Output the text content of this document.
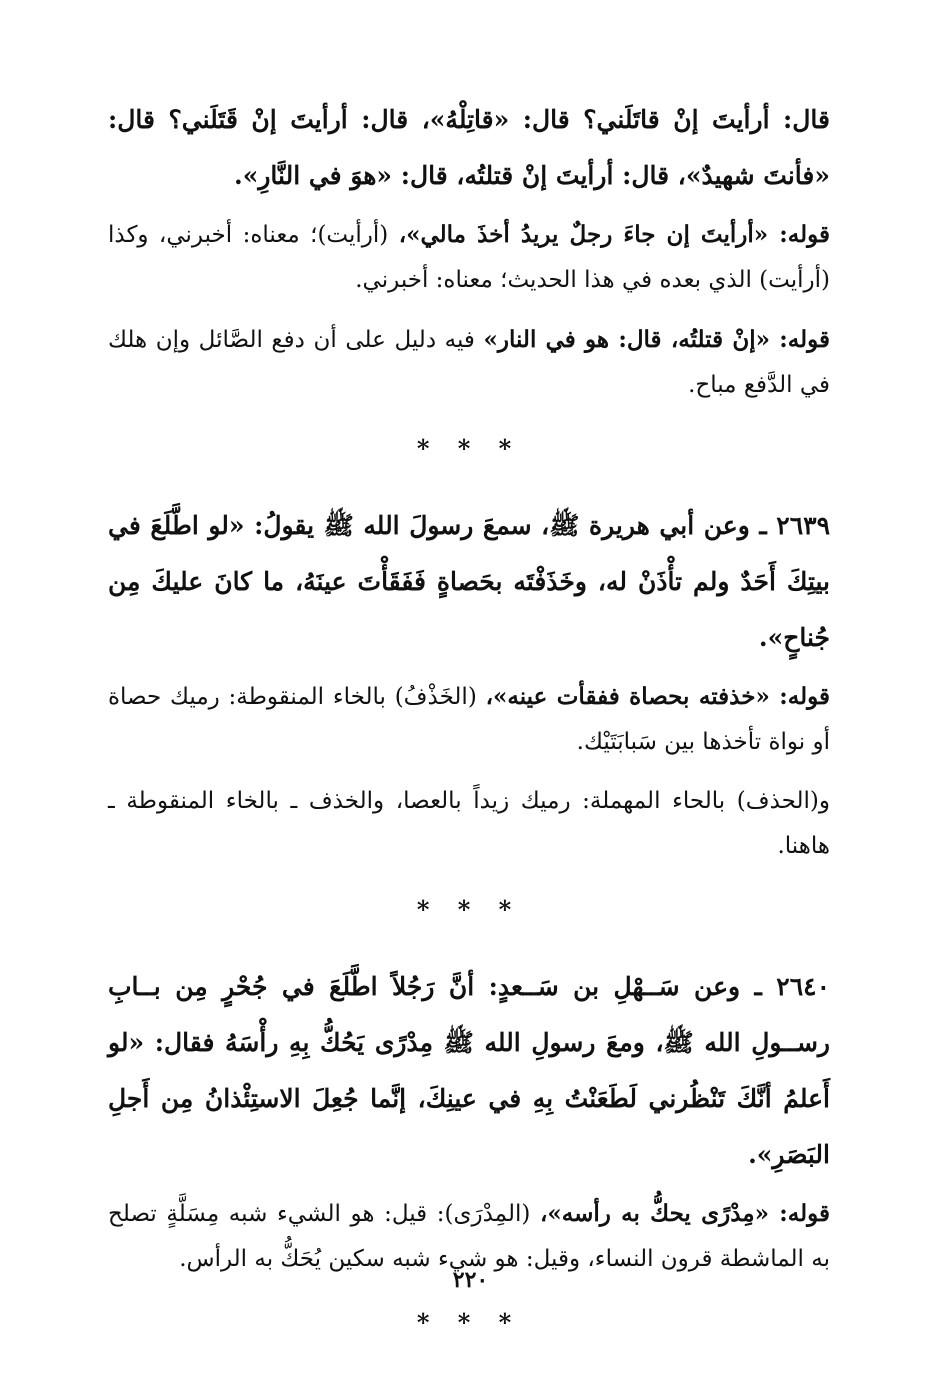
قال: أرأيتَ إنْ قاتَلَني؟ قال: «قاتِلْهُ»، قال: أرأيتَ إنْ قَتَلَني؟ قال: «فأنتَ شهيدٌ»، قال: أرأيتَ إنْ قتلتُه، قال: «هوَ في النَّارِ».

قوله: «أرأيتَ إن جاءَ رجلٌ يريدُ أخذَ مالي»، (أرأيت)؛ معناه: أخبرني، وكذا (أرأيت) الذي بعده في هذا الحديث؛ معناه: أخبرني.

قوله: «إنْ قتلتُه، قال: هو في النار» فيه دليل على أن دفع الصَّائل وإن هلك في الدَّفع مباح.

* * *

٢٦٣٩ ـ وعن أبي هريرة ﷺ، سمعَ رسولَ الله ﷺ يقولُ: «لو اطَّلَعَ في بيتِكَ أَحَدٌ ولم تأْذَنْ له، وخَذَفْتَه بحَصاةٍ فَفَقَأْتَ عينَهُ، ما كانَ عليكَ مِن جُناحٍ».

قوله: «خذفته بحصاة ففقأت عينه»، (الخَذْفُ) بالخاء المنقوطة: رميك حصاة أو نواة تأخذها بين سَبابَتَيْك.

و(الحذف) بالحاء المهملة: رميك زيداً بالعصا، والخذف ـ بالخاء المنقوطة ـ هاهنا.

* * *

٢٦٤٠ ـ وعن سَــهْلِ بن سَــعدٍ: أنَّ رَجُلاً اطَّلَعَ في جُحْرٍ مِن بــابِ رســولِ الله ﷺ، ومعَ رسولِ الله ﷺ مِدْرًى يَحُكُّ بِهِ رأْسَهُ فقال: «لو أَعلمُ أنَّكَ تَنْظُرني لَطَعَنْتُ بِهِ في عينِكَ، إنَّما جُعِلَ الاستِئْذانُ مِن أَجلِ البَصَرِ».

قوله: «مِدْرًى يحكُّ به رأسه»، (المِدْرَى): قيل: هو الشيء شبه مِسَلَّةٍ تصلح به الماشطة قرون النساء، وقيل: هو شيء شبه سكين يُحَكُّ به الرأس.

* * *
٢٢٠
